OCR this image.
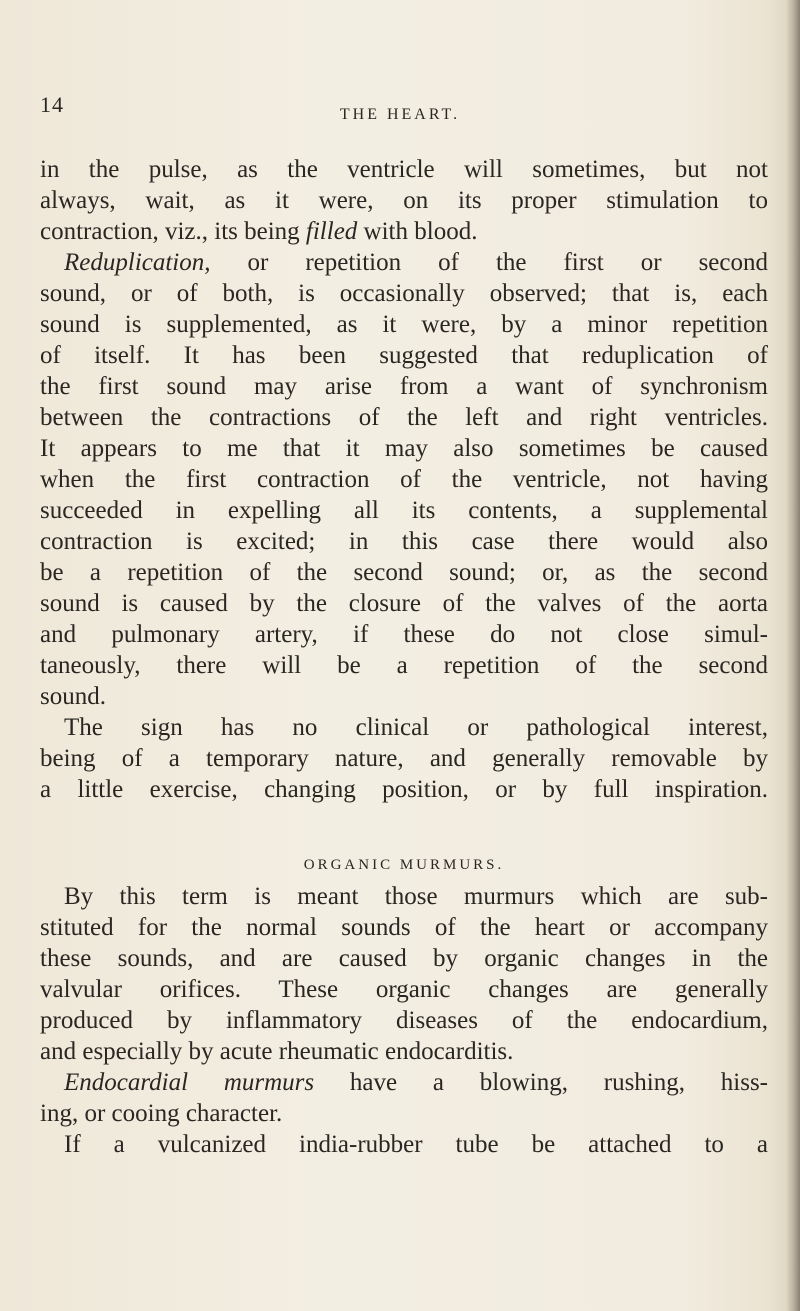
14	THE HEART.
in the pulse, as the ventricle will sometimes, but not
always, wait, as it were, on its proper stimulation to
contraction, viz., its being filled with blood.
Reduplication, or repetition of the first or second
sound, or of both, is occasionally observed; that is, each
sound is supplemented, as it were, by a minor repetition
of itself. It has been suggested that reduplication of
the first sound may arise from a want of synchronism
between the contractions of the left and right ventricles.
It appears to me that it may also sometimes be caused
when the first contraction of the ventricle, not having
succeeded in expelling all its contents, a supplemental
contraction is excited; in this case there would also
be a repetition of the second sound; or, as the second
sound is caused by the closure of the valves of the aorta
and pulmonary artery, if these do not close simul-
taneously, there will be a repetition of the second
sound.
The sign has no clinical or pathological interest,
being of a temporary nature, and generally removable by
a little exercise, changing position, or by full inspiration.
ORGANIC MURMURS.
By this term is meant those murmurs which are sub-
stituted for the normal sounds of the heart or accompany
these sounds, and are caused by organic changes in the
valvular orifices. These organic changes are generally
produced by inflammatory diseases of the endocardium,
and especially by acute rheumatic endocarditis.
Endocardial murmurs have a blowing, rushing, hiss-
ing, or cooing character.
If a vulcanized india-rubber tube be attached to a
